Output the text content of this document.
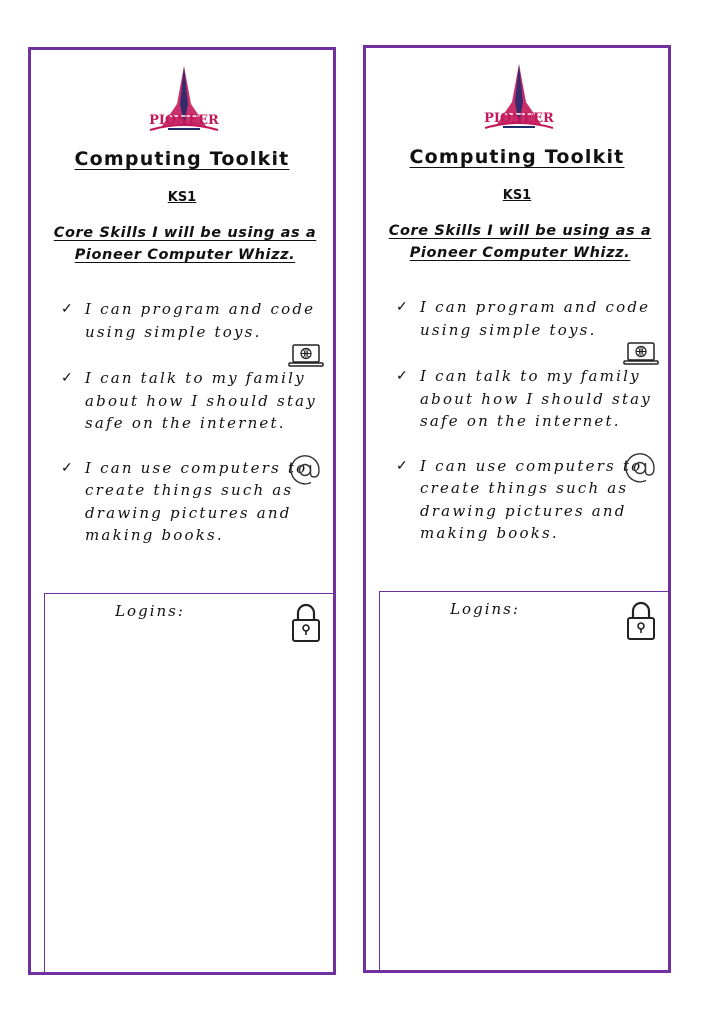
PIONEER
Computing Toolkit
KS1
Core Skills I will be using as a Pioneer Computer Whizz.
✓ I can program and code using simple toys.
✓ I can talk to my family about how I should stay safe on the internet.
✓ I can use computers to create things such as drawing pictures and making books.
Logins:
PIONEER
Computing Toolkit
KS1
Core Skills I will be using as a Pioneer Computer Whizz.
✓ I can program and code using simple toys.
✓ I can talk to my family about how I should stay safe on the internet.
✓ I can use computers to create things such as drawing pictures and making books.
Logins:
